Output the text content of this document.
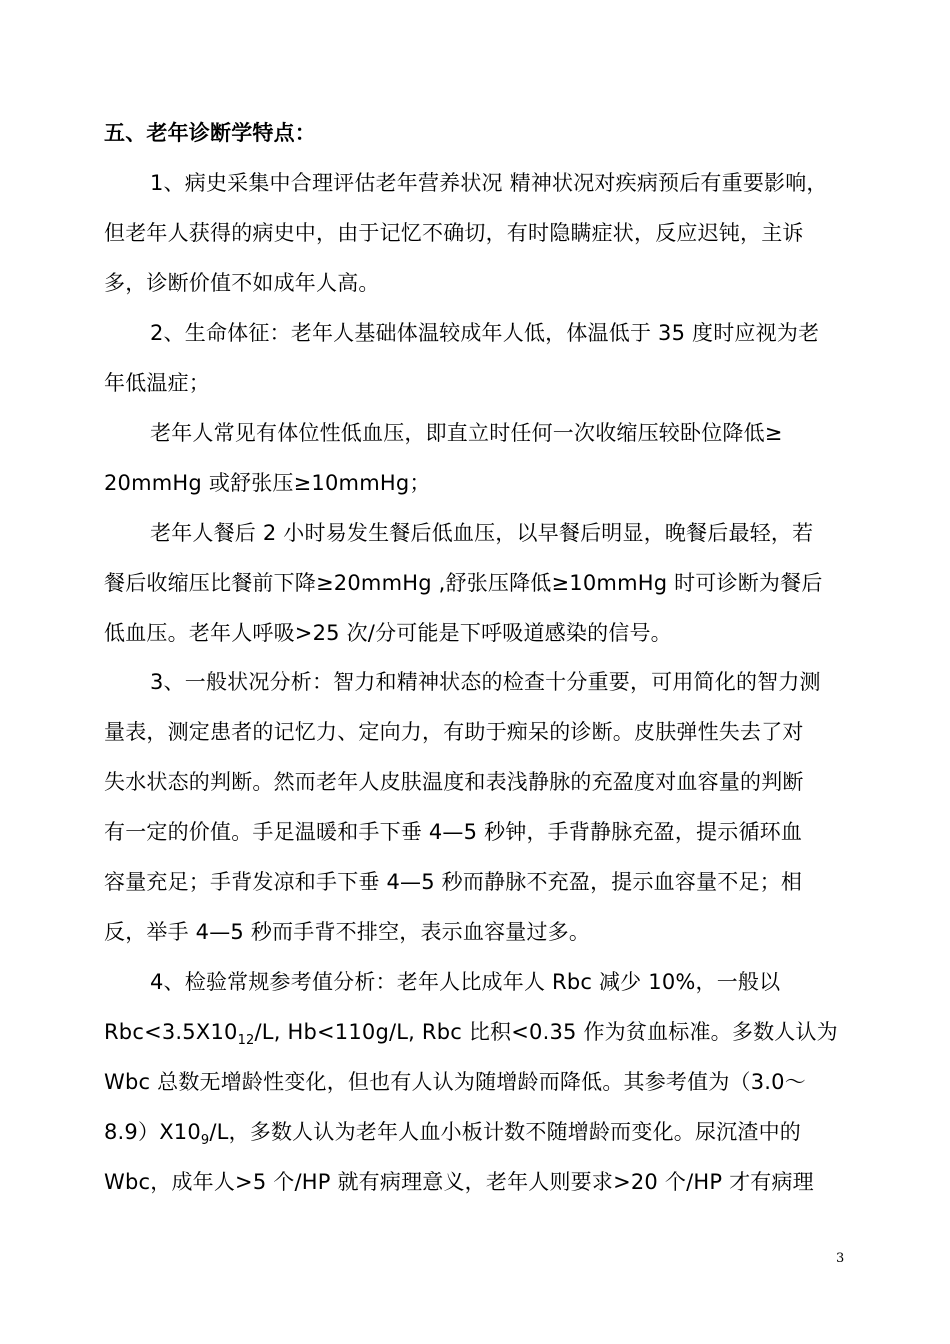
五、老年诊断学特点：
1、病史采集中合理评估老年营养状况 精神状况对疾病预后有重要影响，
但老年人获得的病史中，由于记忆不确切，有时隐瞒症状，反应迟钝，主诉
多，诊断价值不如成年人高。
2、生命体征：老年人基础体温较成年人低，体温低于 35 度时应视为老
年低温症；
老年人常见有体位性低血压，即直立时任何一次收缩压较卧位降低≥
20mmHg 或舒张压≥10mmHg；
老年人餐后 2 小时易发生餐后低血压，以早餐后明显，晚餐后最轻，若
餐后收缩压比餐前下降≥20mmHg ,舒张压降低≥10mmHg 时可诊断为餐后
低血压。老年人呼吸>25 次/分可能是下呼吸道感染的信号。
3、一般状况分析：智力和精神状态的检查十分重要，可用简化的智力测
量表，测定患者的记忆力、定向力，有助于痴呆的诊断。皮肤弹性失去了对
失水状态的判断。然而老年人皮肤温度和表浅静脉的充盈度对血容量的判断
有一定的价值。手足温暖和手下垂 4—5 秒钟，手背静脉充盈，提示循环血
容量充足；手背发凉和手下垂 4—5 秒而静脉不充盈，提示血容量不足；相
反，举手 4—5 秒而手背不排空，表示血容量过多。
4、检验常规参考值分析：老年人比成年人 Rbc 减少 10%，一般以
$Rbc<3.5X10_{12}/L$, Hb<110g/L, Rbc 比积<0.35 作为贫血标准。多数人认为
Wbc 总数无增龄性变化，但也有人认为随增龄而降低。其参考值为（3.0～
$8.9)X10_9/L$，多数人认为老年人血小板计数不随增龄而变化。尿沉渣中的
Wbc，成年人>5 个/HP 就有病理意义，老年人则要求>20 个/HP 才有病理
3
